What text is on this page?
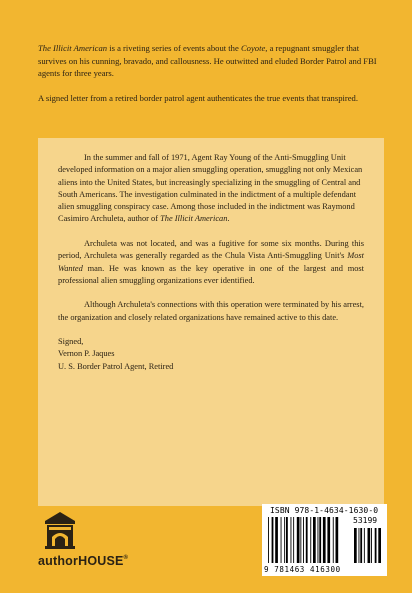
The Illicit American is a riveting series of events about the Coyote, a repugnant smuggler that survives on his cunning, bravado, and callousness. He outwitted and eluded Border Patrol and FBI agents for three years.

A signed letter from a retired border patrol agent authenticates the true events that transpired.

In the summer and fall of 1971, Agent Ray Young of the Anti-Smuggling Unit developed information on a major alien smuggling operation, smuggling not only Mexican aliens into the United States, but increasingly specializing in the smuggling of Central and South Americans. The investigation culminated in the indictment of a multiple defendant alien smuggling conspiracy case. Among those included in the indictment was Raymond Casimiro Archuleta, author of The Illicit American.

Archuleta was not located, and was a fugitive for some six months. During this period, Archuleta was generally regarded as the Chula Vista Anti-Smuggling Unit's Most Wanted man. He was known as the key operative in one of the largest and most professional alien smuggling organizations ever identified.

Although Archuleta's connections with this operation were terminated by his arrest, the organization and closely related organizations have remained active to this date.

Signed,
Vernon P. Jaques
U. S. Border Patrol Agent, Retired
authorHOUSE®
ISBN 978-1-4634-1630-0
53199
9 781463 416300
